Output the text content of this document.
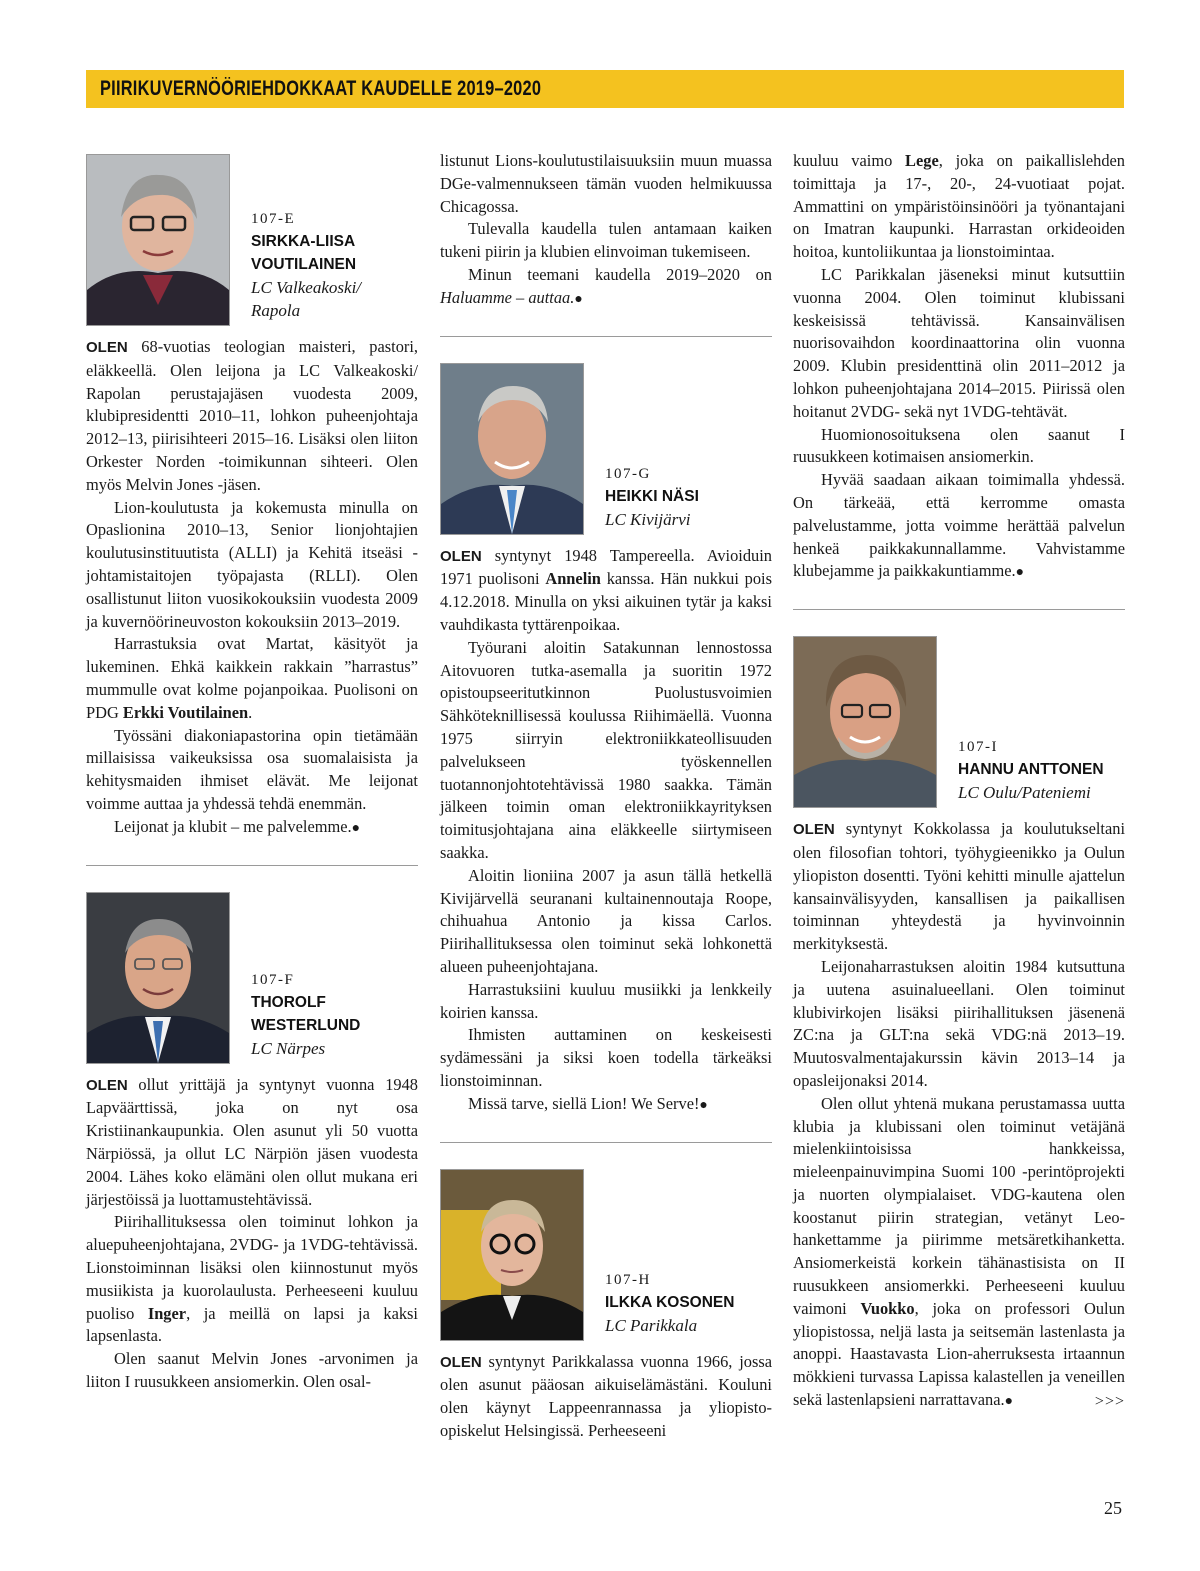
PIIRIKUVERNÖÖRIEHDOKKAAT KAUDELLE 2019–2020
107-E
SIRKKA-LIISA
VOUTILAINEN
LC Valkeakoski/
Rapola

OLEN 68-vuotias teologian maisteri, pastori, eläkkeellä. Olen leijona ja LC Valkeakoski/ Rapolan perustajajäsen vuodesta 2009, klubipresidentti 2010–11, lohkon puheenjohtaja 2012–13, piirisihteeri 2015–16. Lisäksi olen liiton Orkester Norden -toimikunnan sihteeri. Olen myös Melvin Jones -jäsen.

Lion-koulutusta ja kokemusta minulla on Opaslionina 2010–13, Senior lionjohtajien koulutusinstituutista (ALLI) ja Kehitä itseäsi -johtamistaitojen työpajasta (RLLI). Olen osallistunut liiton vuosikokouksiin vuodesta 2009 ja kuvernöörineuvoston kokouksiin 2013–2019.

Harrastuksia ovat Martat, käsityöt ja lukeminen. Ehkä kaikkein rakkain ”harrastus” mummulle ovat kolme pojanpoikaa. Puolisoni on PDG Erkki Voutilainen.

Työssäni diakoniapastorina opin tietämään millaisissa vaikeuksissa osa suomalaisista ja kehitysmaiden ihmiset elävät. Me leijonat voimme auttaa ja yhdessä tehdä enemmän.

Leijonat ja klubit – me palvelemme.●

107-F
THOROLF
WESTERLUND
LC Närpes

OLEN ollut yrittäjä ja syntynyt vuonna 1948 Lapväärttissä, joka on nyt osa Kristiinankaupunkia. Olen asunut yli 50 vuotta Närpiössä, ja ollut LC Närpiön jäsen vuodesta 2004. Lähes koko elämäni olen ollut mukana eri järjestöissä ja luottamustehtävissä.

Piirihallituksessa olen toiminut lohkon ja aluepuheenjohtajana, 2VDG- ja 1VDG-tehtävissä. Lionstoiminnan lisäksi olen kiinnostunut myös musiikista ja kuorolaulusta. Perheeseeni kuuluu puoliso Inger, ja meillä on lapsi ja kaksi lapsenlasta.

Olen saanut Melvin Jones -arvonimen ja liiton I ruusukkeen ansiomerkin. Olen osal-

listunut Lions-koulutustilaisuuksiin muun muassa DGe-valmennukseen tämän vuoden helmikuussa Chicagossa.

Tulevalla kaudella tulen antamaan kaiken tukeni piirin ja klubien elinvoiman tukemiseen.

Minun teemani kaudella 2019–2020 on Haluamme – auttaa.●

107-G
HEIKKI NÄSI
LC Kivijärvi

OLEN syntynyt 1948 Tampereella. Avioiduin 1971 puolisoni Annelin kanssa. Hän nukkui pois 4.12.2018. Minulla on yksi aikuinen tytär ja kaksi vauhdikasta tyttärenpoikaa.

Työurani aloitin Satakunnan lennostossa Aitovuoren tutka-asemalla ja suoritin 1972 opistoupseeritutkinnon Puolustusvoimien Sähköteknillisessä koulussa Riihimäellä. Vuonna 1975 siirryin elektroniikkateollisuuden palvelukseen työskennellen tuotannonjohtotehtävissä 1980 saakka. Tämän jälkeen toimin oman elektroniikkayrityksen toimitusjohtajana aina eläkkeelle siirtymiseen saakka.

Aloitin lioniina 2007 ja asun tällä hetkellä Kivijärvellä seuranani kultainennoutaja Roope, chihuahua Antonio ja kissa Carlos. Piirihallituksessa olen toiminut sekä lohkonettä alueen puheenjohtajana.

Harrastuksiini kuuluu musiikki ja lenkkeily koirien kanssa.

Ihmisten auttaminen on keskeisesti sydämessäni ja siksi koen todella tärkeäksi lionstoiminnan.

Missä tarve, siellä Lion! We Serve!●

107-H
ILKKA KOSONEN
LC Parikkala

OLEN syntynyt Parikkalassa vuonna 1966, jossa olen asunut pääosan aikuiselämästäni. Kouluni olen käynyt Lappeenrannassa ja yliopisto-opiskelut Helsingissä. Perheeseeni

kuuluu vaimo Lege, joka on paikallislehden toimittaja ja 17-, 20-, 24-vuotiaat pojat. Ammattini on ympäristöinsinööri ja työnantajani on Imatran kaupunki. Harrastan orkideoiden hoitoa, kuntoliikuntaa ja lionstoimintaa.

LC Parikkalan jäseneksi minut kutsuttiin vuonna 2004. Olen toiminut klubissani keskeisissä tehtävissä. Kansainvälisen nuorisovaihdon koordinaattorina olin vuonna 2009. Klubin presidenttinä olin 2011–2012 ja lohkon puheenjohtajana 2014–2015. Piirissä olen hoitanut 2VDG- sekä nyt 1VDG-tehtävät.

Huomionosoituksena olen saanut I ruusukkeen kotimaisen ansiomerkin.

Hyvää saadaan aikaan toimimalla yhdessä. On tärkeää, että kerromme omasta palvelustamme, jotta voimme herättää palvelun henkeä paikkakunnallamme. Vahvistamme klubejamme ja paikkakuntiamme.●

107-I
HANNU ANTTONEN
LC Oulu/Pateniemi

OLEN syntynyt Kokkolassa ja koulutukseltani olen filosofian tohtori, työhygieenikko ja Oulun yliopiston dosentti. Työni kehitti minulle ajattelun kansainvälisyyden, kansallisen ja paikallisen toiminnan yhteydestä ja hyvinvoinnin merkityksestä.

Leijonaharrastuksen aloitin 1984 kutsuttuna ja uutena asuinalueellani. Olen toiminut klubivirkojen lisäksi piirihallituksen jäsenenä ZC:na ja GLT:na sekä VDG:nä 2013–19. Muutosvalmentajakurssin kävin 2013–14 ja opasleijonaksi 2014.

Olen ollut yhtenä mukana perustamassa uutta klubia ja klubissani olen toiminut vetäjänä mielenkiintoisissa hankkeissa, mieleenpainuvimpina Suomi 100 -perintöprojekti ja nuorten olympialaiset. VDG-kautena olen koostanut piirin strategian, vetänyt Leo-hankettamme ja piirimme metsäretkihanketta. Ansiomerkeistä korkein tähänastisista on II ruusukkeen ansiomerkki. Perheeseeni kuuluu vaimoni Vuokko, joka on professori Oulun yliopistossa, neljä lasta ja seitsemän lastenlasta ja anoppi. Haastavasta Lion-aherruksesta irtaannun mökkieni turvassa Lapissa kalastellen ja veneillen sekä lastenlapsieni narrattavana.●	>>>
25
